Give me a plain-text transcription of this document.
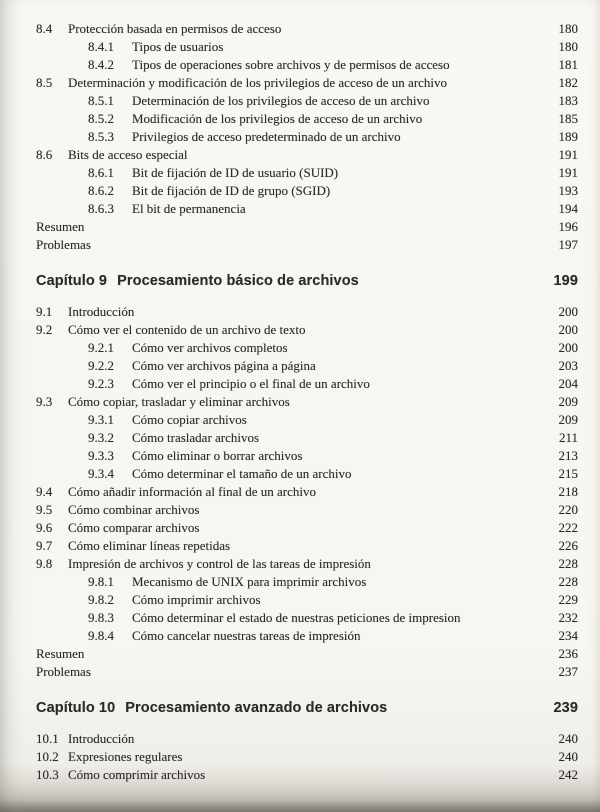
8.4	Protección basada en permisos de acceso	180
8.4.1	Tipos de usuarios	180
8.4.2	Tipos de operaciones sobre archivos y de permisos de acceso	181
8.5	Determinación y modificación de los privilegios de acceso de un archivo	182
8.5.1	Determinación de los privilegios de acceso de un archivo	183
8.5.2	Modificación de los privilegios de acceso de un archivo	185
8.5.3	Privilegios de acceso predeterminado de un archivo	189
8.6	Bits de acceso especial	191
8.6.1	Bit de fijación de ID de usuario (SUID)	191
8.6.2	Bit de fijación de ID de grupo (SGID)	193
8.6.3	El bit de permanencia	194
Resumen	196
Problemas	197
Capítulo 9 Procesamiento básico de archivos	199
9.1	Introducción	200
9.2	Cómo ver el contenido de un archivo de texto	200
9.2.1	Cómo ver archivos completos	200
9.2.2	Cómo ver archivos página a página	203
9.2.3	Cómo ver el principio o el final de un archivo	204
9.3	Cómo copiar, trasladar y eliminar archivos	209
9.3.1	Cómo copiar archivos	209
9.3.2	Cómo trasladar archivos	211
9.3.3	Cómo eliminar o borrar archivos	213
9.3.4	Cómo determinar el tamaño de un archivo	215
9.4	Cómo añadir información al final de un archivo	218
9.5	Cómo combinar archivos	220
9.6	Cómo comparar archivos	222
9.7	Cómo eliminar líneas repetidas	226
9.8	Impresión de archivos y control de las tareas de impresión	228
9.8.1	Mecanismo de UNIX para imprimir archivos	228
9.8.2	Cómo imprimir archivos	229
9.8.3	Cómo determinar el estado de nuestras peticiones de impresion	232
9.8.4	Cómo cancelar nuestras tareas de impresión	234
Resumen	236
Problemas	237
Capítulo 10 Procesamiento avanzado de archivos	239
10.1 Introducción	240
10.2 Expresiones regulares	240
10.3 Cómo comprimir archivos	242
